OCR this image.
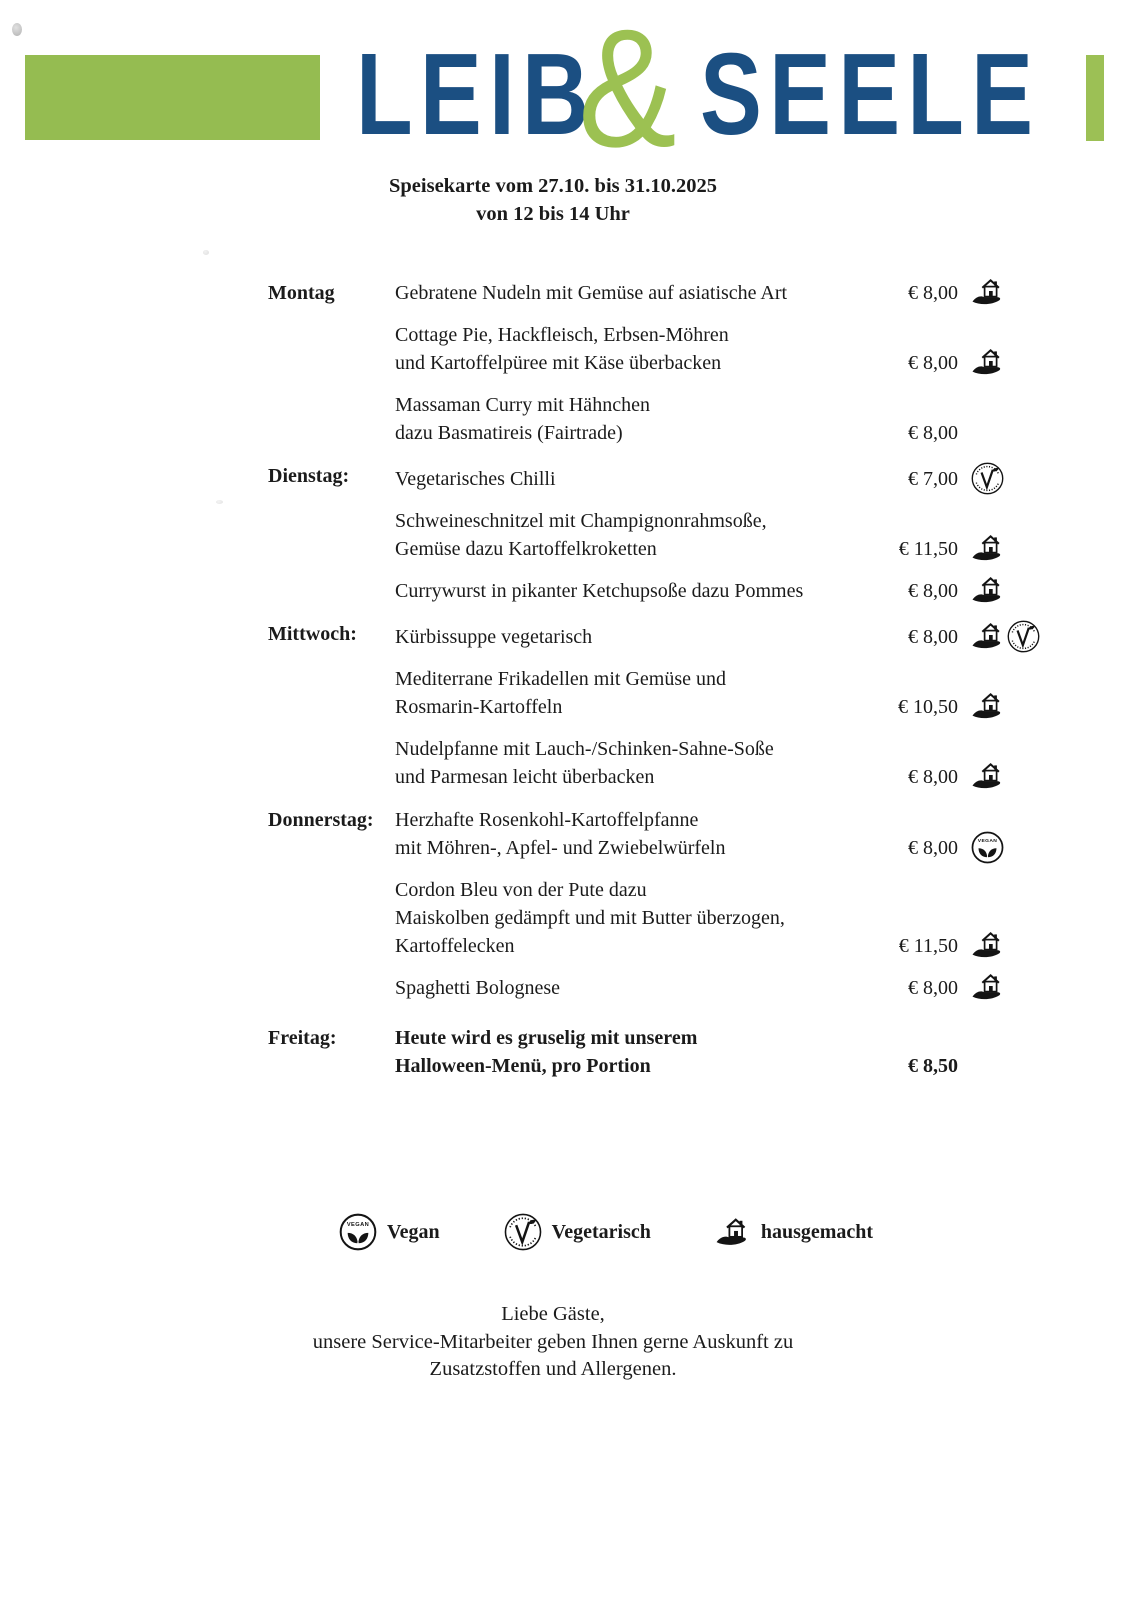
LEIB
& SEELE
Speisekarte vom 27.10. bis 31.10.2025
von 12 bis 14 Uhr
Montag	Gebratene Nudeln mit Gemüse auf asiatische Art	€ 8,00
Cottage Pie, Hackfleisch, Erbsen-Möhren
und Kartoffelpüree mit Käse überbacken	€ 8,00
Massaman Curry mit Hähnchen
dazu Basmatireis (Fairtrade)	€ 8,00
Dienstag:	Vegetarisches Chilli	€ 7,00
Schweineschnitzel mit Champignonrahmsoße,
Gemüse dazu Kartoffelkroketten	€ 11,50
Currywurst in pikanter Ketchupsoße dazu Pommes	€ 8,00
Mittwoch:	Kürbissuppe vegetarisch	€ 8,00
Mediterrane Frikadellen mit Gemüse und
Rosmarin-Kartoffeln	€ 10,50
Nudelpfanne mit Lauch-/Schinken-Sahne-Soße
und Parmesan leicht überbacken	€ 8,00
Donnerstag:	Herzhafte Rosenkohl-Kartoffelpfanne
mit Möhren-, Apfel- und Zwiebelwürfeln	€ 8,00	VEGAN
Cordon Bleu von der Pute dazu
Maiskolben gedämpft und mit Butter überzogen,
Kartoffelecken	€ 11,50
Spaghetti Bolognese	€ 8,00
Freitag:	Heute wird es gruselig mit unserem
Halloween-Menü, pro Portion	€ 8,50
VEGAN Vegan	Vegetarisch	hausgemacht
Liebe Gäste,
unsere Service-Mitarbeiter geben Ihnen gerne Auskunft zu
Zusatzstoffen und Allergenen.
